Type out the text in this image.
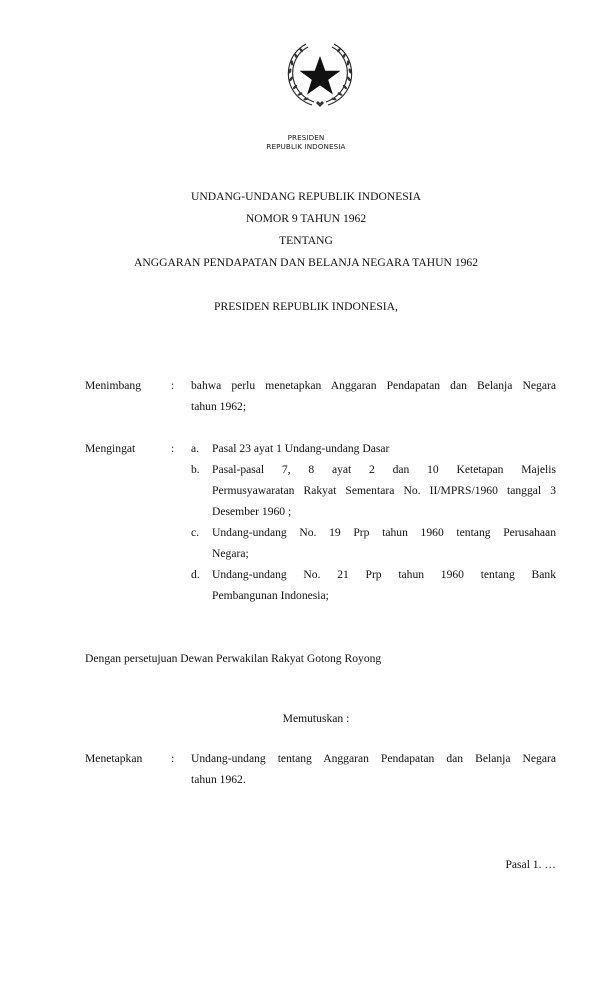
PRESIDEN
REPUBLIK INDONESIA
UNDANG-UNDANG REPUBLIK INDONESIA
NOMOR 9 TAHUN 1962
TENTANG
ANGGARAN PENDAPATAN DAN BELANJA NEGARA TAHUN 1962
PRESIDEN REPUBLIK INDONESIA,
Menimbang	: bahwa perlu menetapkan Anggaran Pendapatan dan Belanja Negara
tahun 1962;
Mengingat	: a. Pasal 23 ayat 1 Undang-undang Dasar
b. Pasal-pasal 7, 8 ayat 2 dan 10 Ketetapan Majelis
Permusyawaratan Rakyat Sementara No. II/MPRS/1960 tanggal 3
Desember 1960 ;
c. Undang-undang No. 19 Prp tahun 1960 tentang Perusahaan
Negara;
d. Undang-undang No. 21 Prp tahun 1960 tentang Bank
Pembangunan Indonesia;
Dengan persetujuan Dewan Perwakilan Rakyat Gotong Royong
Memutuskan :
Menetapkan : Undang-undang tentang Anggaran Pendapatan dan Belanja Negara
tahun 1962.
Pasal 1. …
